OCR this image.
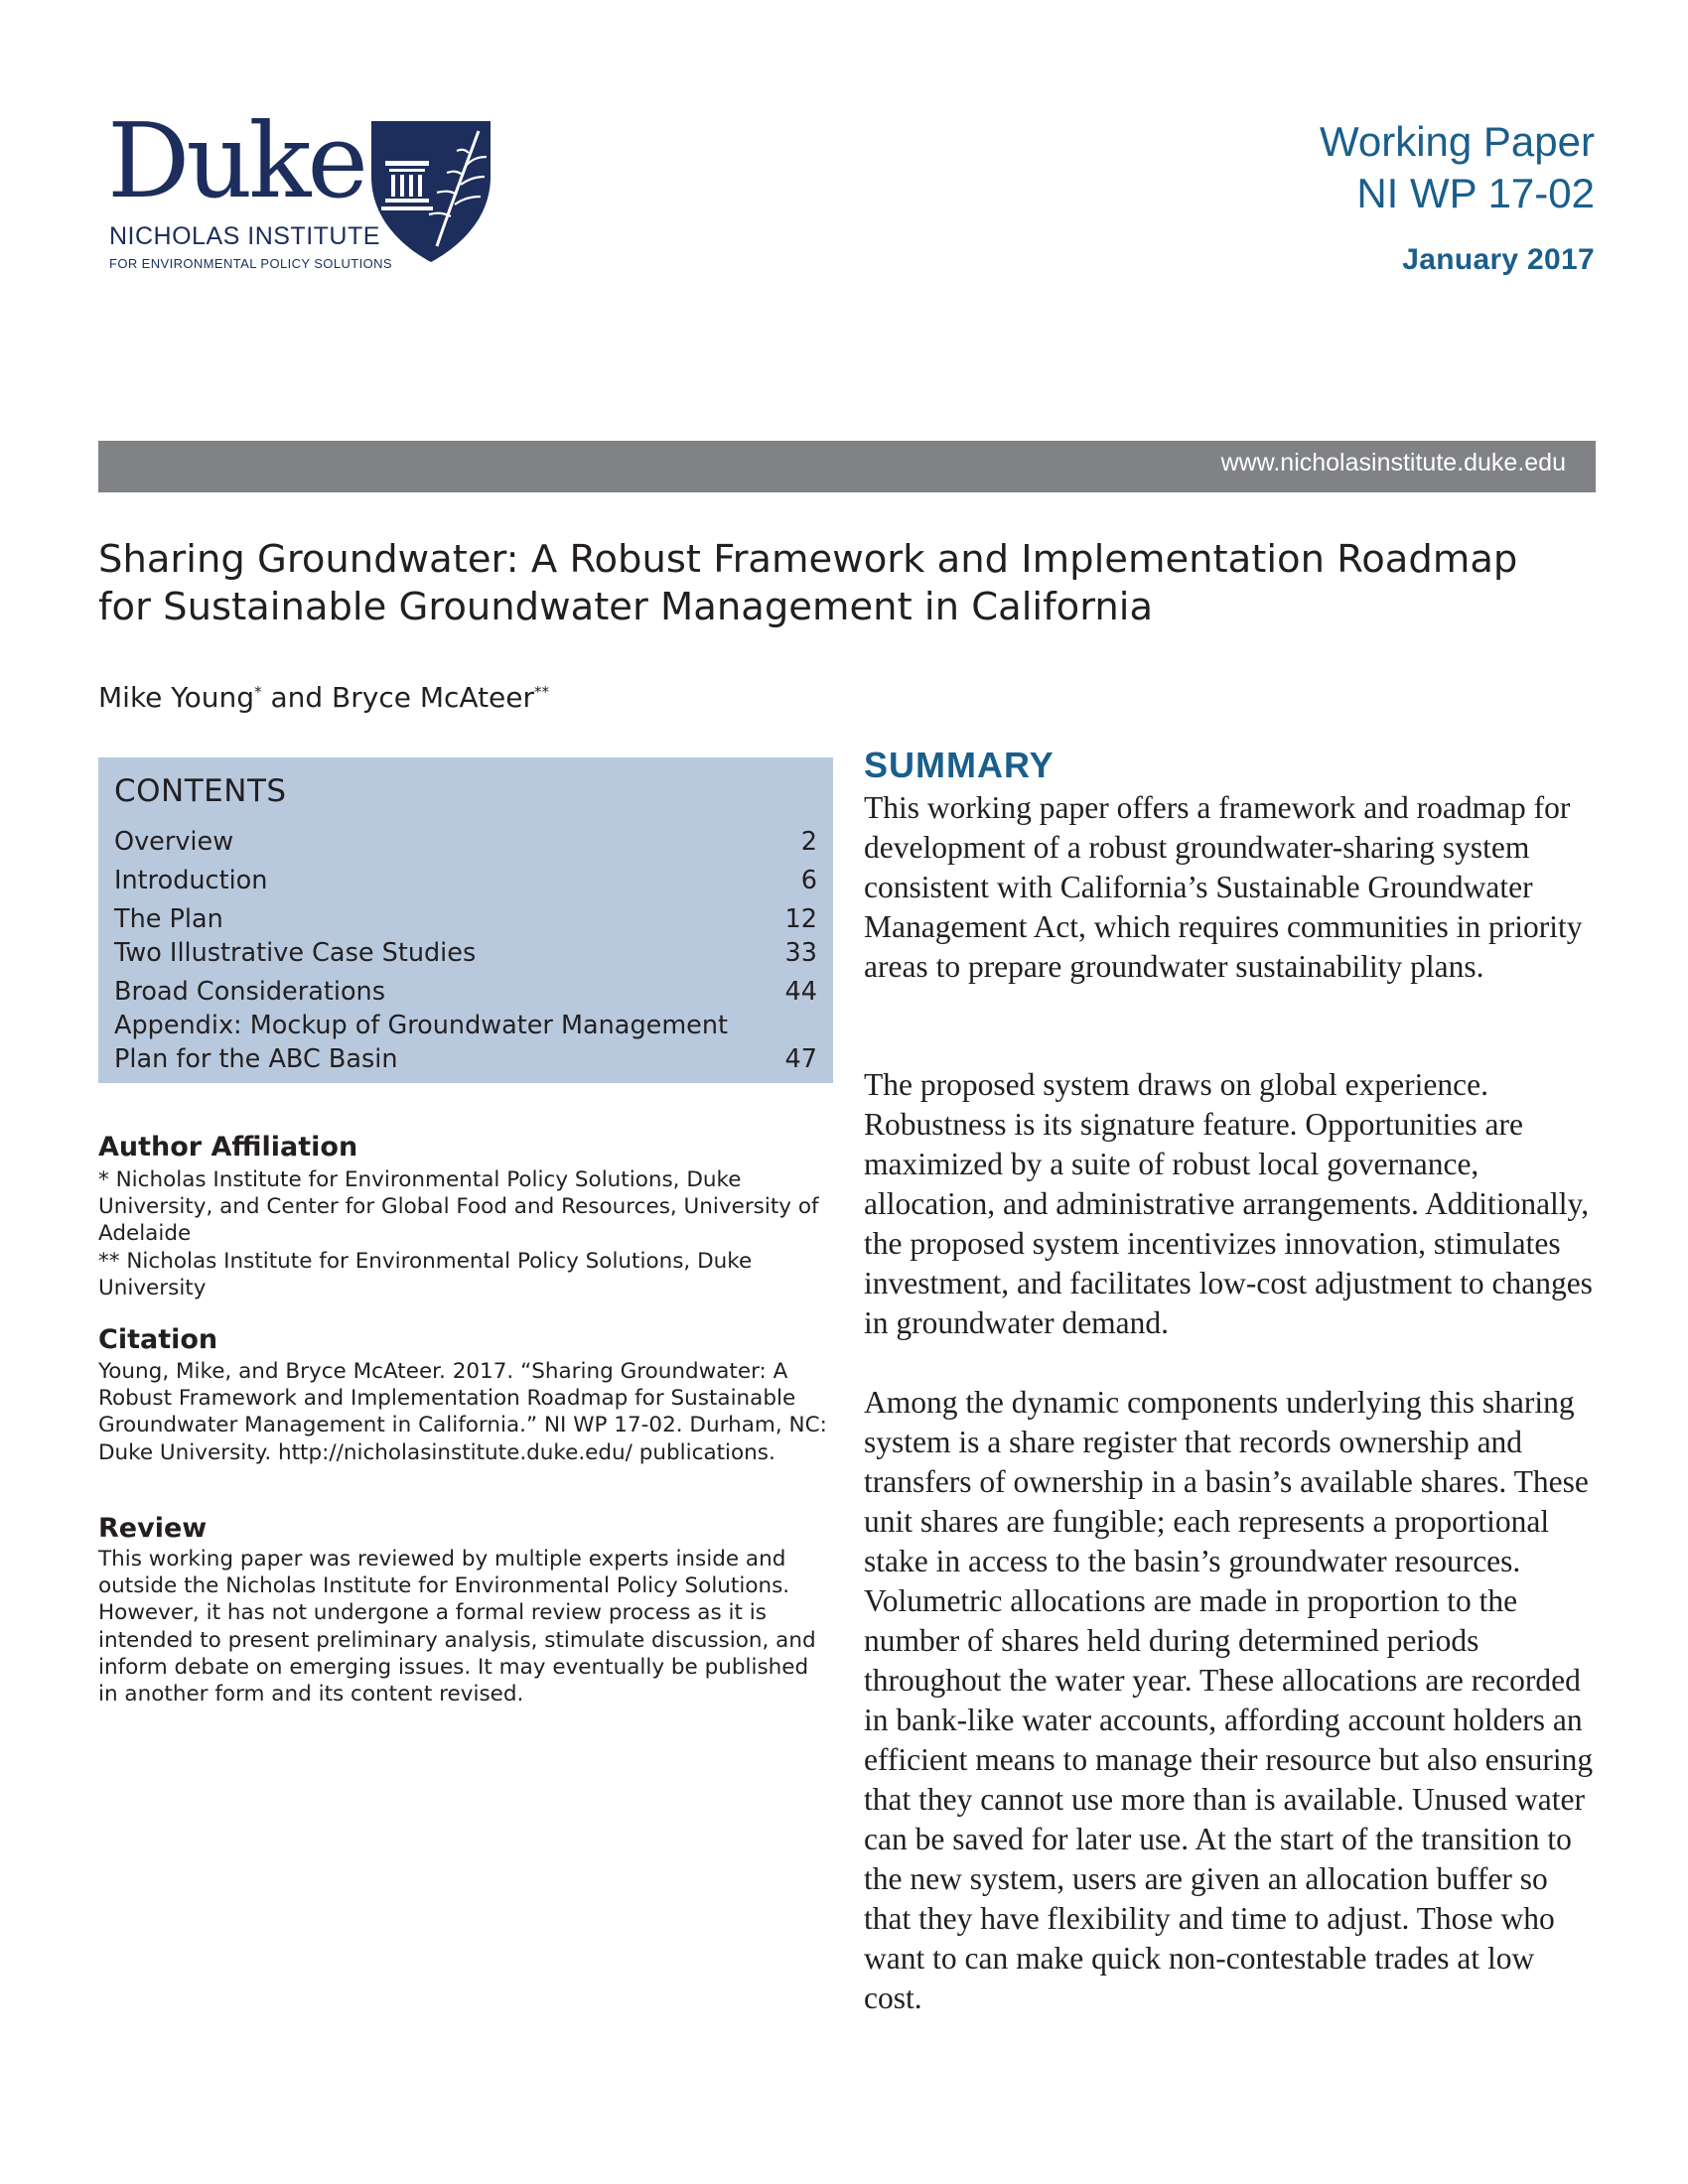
Duke
NICHOLAS INSTITUTE
FOR ENVIRONMENTAL POLICY SOLUTIONS
Working Paper
NI WP 17-02
January 2017
www.nicholasinstitute.duke.edu
Sharing Groundwater: A Robust Framework and Implementation Roadmap
for Sustainable Groundwater Management in California
Mike Young* and Bryce McAteer**
CONTENTS
Overview	2
Introduction	6
The Plan	12
Two Illustrative Case Studies	33
Broad Considerations	44
Appendix: Mockup of Groundwater Management
Plan for the ABC Basin	47
Author Affiliation
* Nicholas Institute for Environmental Policy Solutions, Duke University, and Center for Global Food and Resources, University of Adelaide
** Nicholas Institute for Environmental Policy Solutions, Duke University
Citation
Young, Mike, and Bryce McAteer. 2017. “Sharing Groundwater: A Robust Framework and Implementation Roadmap for Sustainable Groundwater Management in California.” NI WP 17-02. Durham, NC: Duke University. http://nicholasinstitute.duke.edu/ publications.
Review
This working paper was reviewed by multiple experts inside and outside the Nicholas Institute for Environmental Policy Solutions. However, it has not undergone a formal review process as it is intended to present preliminary analysis, stimulate discussion, and inform debate on emerging issues. It may eventually be published in another form and its content revised.
SUMMARY
This working paper offers a framework and roadmap for development of a robust groundwater-sharing system consistent with California’s Sustainable Groundwater Management Act, which requires communities in priority areas to prepare groundwater sustainability plans.
The proposed system draws on global experience. Robustness is its signature feature. Opportunities are maximized by a suite of robust local governance, allocation, and administrative arrangements. Additionally, the proposed system incentivizes innovation, stimulates investment, and facilitates low-cost adjustment to changes in groundwater demand.
Among the dynamic components underlying this sharing system is a share register that records ownership and transfers of ownership in a basin’s available shares. These unit shares are fungible; each represents a proportional stake in access to the basin’s groundwater resources. Volumetric allocations are made in proportion to the number of shares held during determined periods throughout the water year. These allocations are recorded in bank-like water accounts, affording account holders an efficient means to manage their resource but also ensuring that they cannot use more than is available. Unused water can be saved for later use. At the start of the transition to the new system, users are given an allocation buffer so that they have flexibility and time to adjust. Those who want to can make quick non-contestable trades at low cost.
